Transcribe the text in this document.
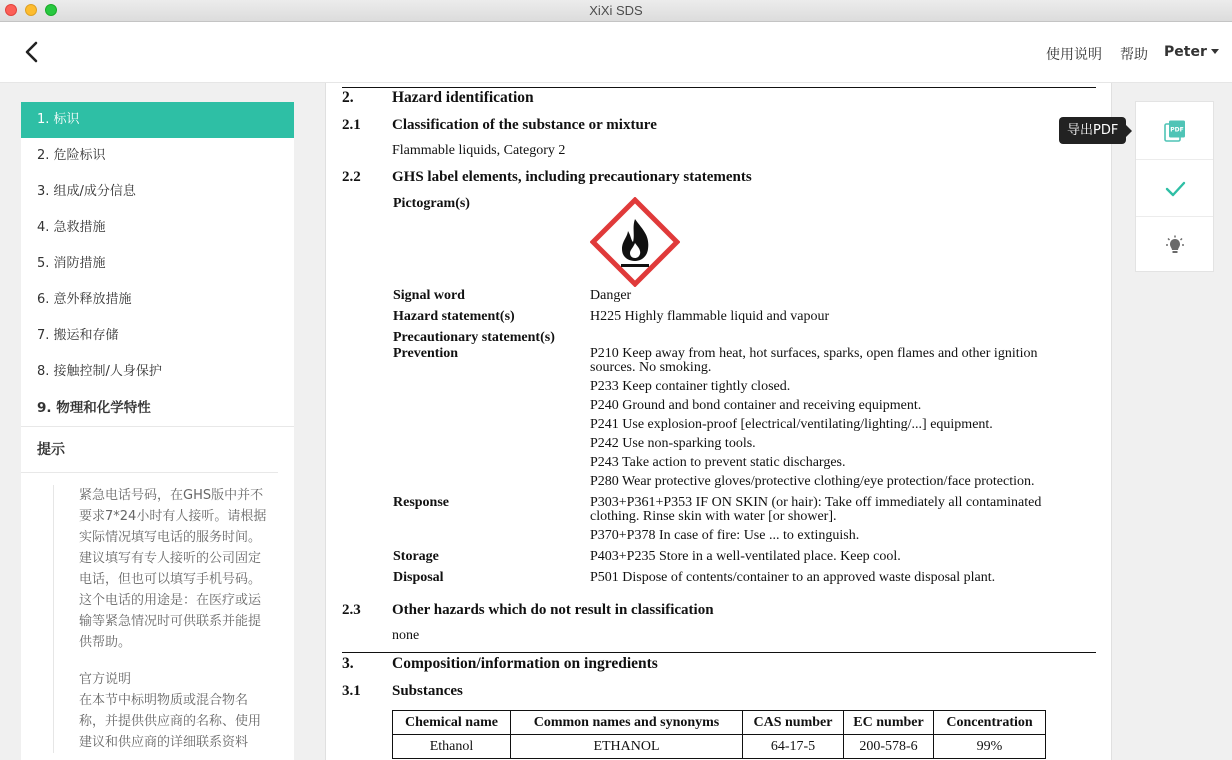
XiXi SDS
使用说明 帮助 Peter
1. 标识
2. 危险标识
3. 组成/成分信息
4. 急救措施
5. 消防措施
6. 意外释放措施
7. 搬运和存储
8. 接触控制/人身保护
9. 物理和化学特性
提示

紧急电话号码，在GHS版中并不要求7*24小时有人接听。请根据实际情况填写电话的服务时间。建议填写有专人接听的公司固定电话，但也可以填写手机号码。这个电话的用途是：在医疗或运输等紧急情况时可供联系并能提供帮助。

官方说明
在本节中标明物质或混合物名称，并提供供应商的名称、使用建议和供应商的详细联系资料
2. Hazard identification
2.1 Classification of the substance or mixture
Flammable liquids, Category 2
2.2 GHS label elements, including precautionary statements
Pictogram(s)
Signal word	Danger
Hazard statement(s)	H225 Highly flammable liquid and vapour
Precautionary statement(s)
Prevention	P210 Keep away from heat, hot surfaces, sparks, open flames and other ignition sources. No smoking.
P233 Keep container tightly closed.
P240 Ground and bond container and receiving equipment.
P241 Use explosion-proof [electrical/ventilating/lighting/...] equipment.
P242 Use non-sparking tools.
P243 Take action to prevent static discharges.
P280 Wear protective gloves/protective clothing/eye protection/face protection.
Response	P303+P361+P353 IF ON SKIN (or hair): Take off immediately all contaminated clothing. Rinse skin with water [or shower].
P370+P378 In case of fire: Use ... to extinguish.
Storage	P403+P235 Store in a well-ventilated place. Keep cool.
Disposal	P501 Dispose of contents/container to an approved waste disposal plant.
2.3 Other hazards which do not result in classification
none
3. Composition/information on ingredients
3.1 Substances
Chemical name	Common names and synonyms	CAS number	EC number	Concentration
Ethanol	ETHANOL	64-17-5	200-578-6	99%
PDF
导出PDF
